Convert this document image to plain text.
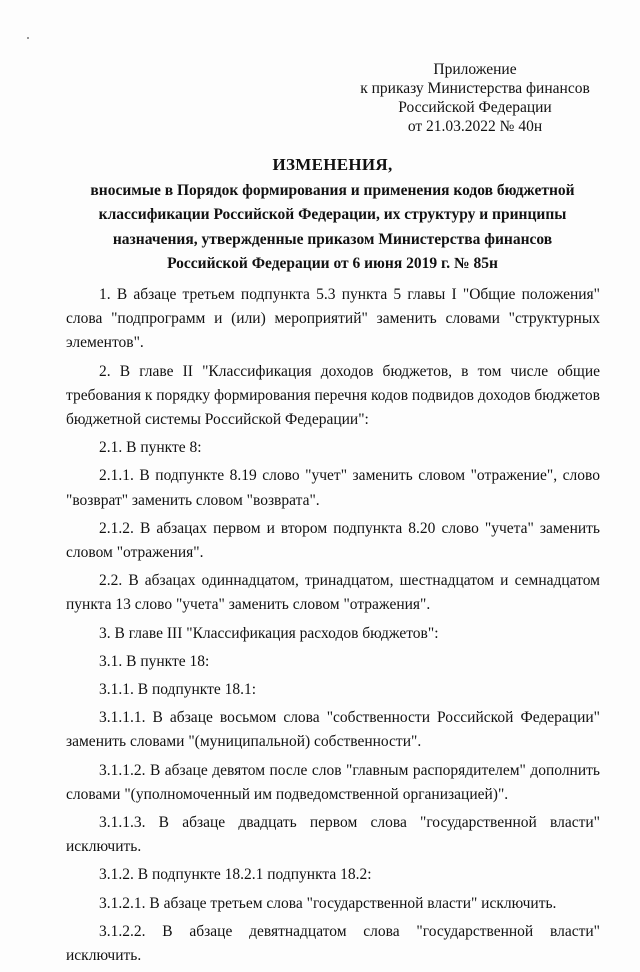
Приложение
к приказу Министерства финансов
Российской Федерации
от 21.03.2022 № 40н
ИЗМЕНЕНИЯ,
вносимые в Порядок формирования и применения кодов бюджетной
классификации Российской Федерации, их структуру и принципы
назначения, утвержденные приказом Министерства финансов
Российской Федерации от 6 июня 2019 г. № 85н

1. В абзаце третьем подпункта 5.3 пункта 5 главы I "Общие положения" слова "подпрограмм и (или) мероприятий" заменить словами "структурных элементов".

2. В главе II "Классификация доходов бюджетов, в том числе общие требования к порядку формирования перечня кодов подвидов доходов бюджетов бюджетной системы Российской Федерации":

2.1. В пункте 8:

2.1.1. В подпункте 8.19 слово "учет" заменить словом "отражение", слово "возврат" заменить словом "возврата".

2.1.2. В абзацах первом и втором подпункта 8.20 слово "учета" заменить словом "отражения".

2.2. В абзацах одиннадцатом, тринадцатом, шестнадцатом и семнадцатом пункта 13 слово "учета" заменить словом "отражения".

3. В главе III "Классификация расходов бюджетов":

3.1. В пункте 18:

3.1.1. В подпункте 18.1:

3.1.1.1. В абзаце восьмом слова "собственности Российской Федерации" заменить словами "(муниципальной) собственности".

3.1.1.2. В абзаце девятом после слов "главным распорядителем" дополнить словами "(уполномоченный им подведомственной организацией)".

3.1.1.3. В абзаце двадцать первом слова "государственной власти" исключить.

3.1.2. В подпункте 18.2.1 подпункта 18.2:

3.1.2.1. В абзаце третьем слова "государственной власти" исключить.

3.1.2.2. В абзаце девятнадцатом слова "государственной власти" исключить.
